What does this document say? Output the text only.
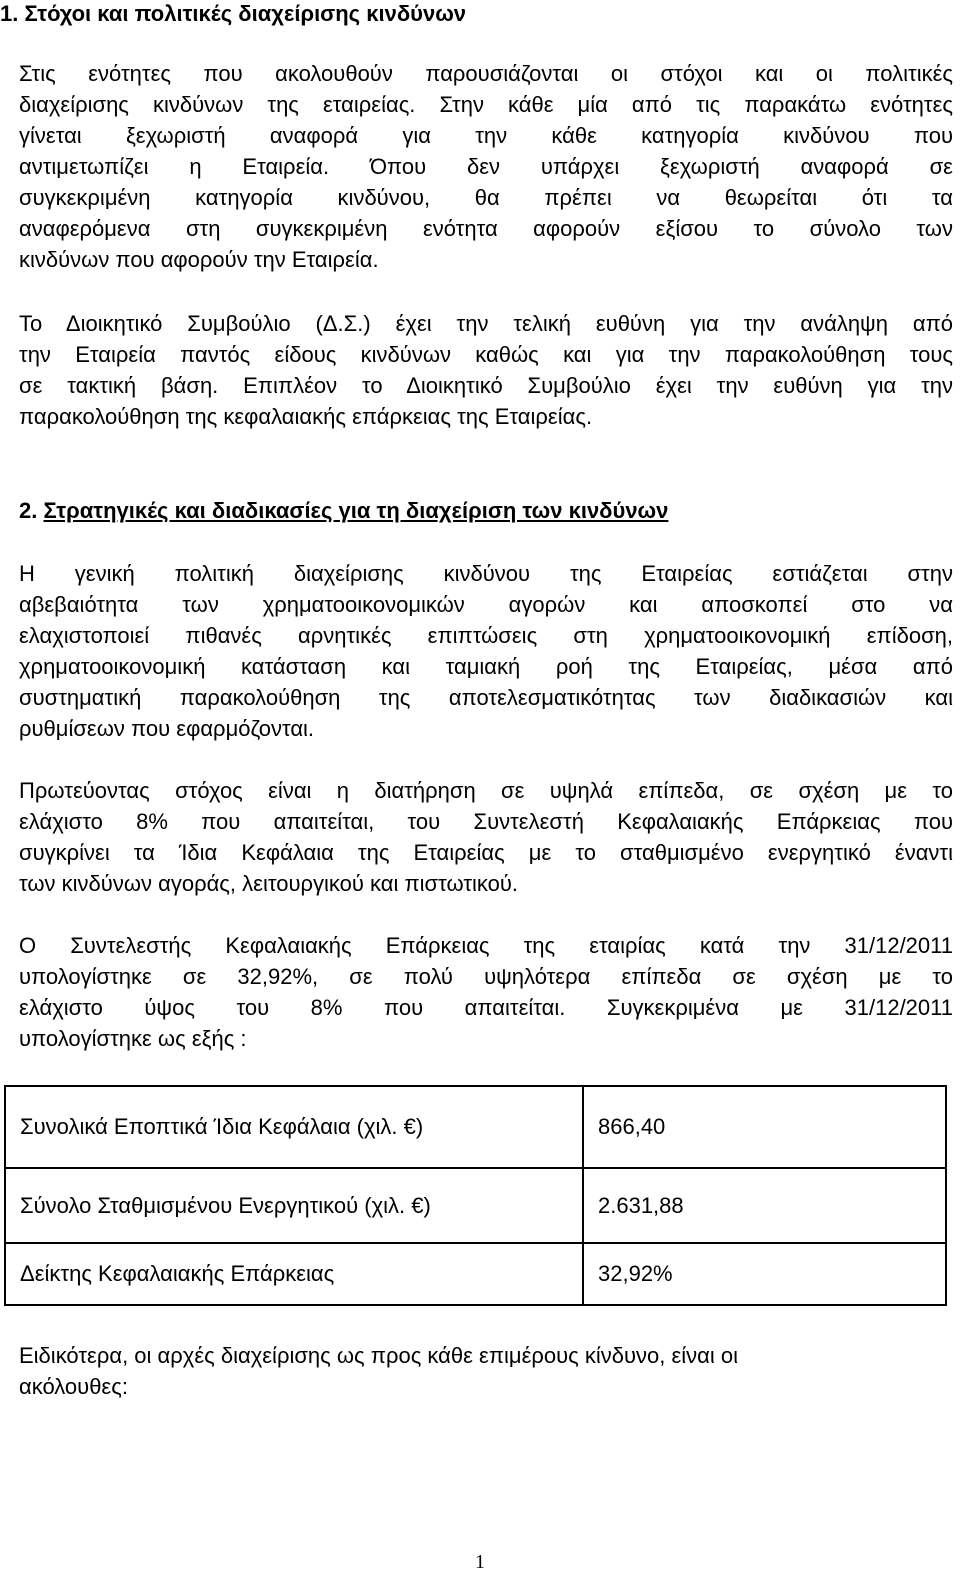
1. Στόχοι και πολιτικές διαχείρισης κινδύνων
Στις ενότητες που ακολουθούν παρουσιάζονται οι στόχοι και οι πολιτικές
διαχείρισης κινδύνων της εταιρείας. Στην κάθε μία από τις παρακάτω ενότητες
γίνεται ξεχωριστή αναφορά για την κάθε κατηγορία κινδύνου που
αντιμετωπίζει η Εταιρεία. Όπου δεν υπάρχει ξεχωριστή αναφορά σε
συγκεκριμένη κατηγορία κινδύνου, θα πρέπει να θεωρείται ότι τα
αναφερόμενα στη συγκεκριμένη ενότητα αφορούν εξίσου το σύνολο των
κινδύνων που αφορούν την Εταιρεία.
Το Διοικητικό Συμβούλιο (Δ.Σ.) έχει την τελική ευθύνη για την ανάληψη από
την Εταιρεία παντός είδους κινδύνων καθώς και για την παρακολούθηση τους
σε τακτική βάση. Επιπλέον το Διοικητικό Συμβούλιο έχει την ευθύνη για την
παρακολούθηση της κεφαλαιακής επάρκειας της Εταιρείας.
2. Στρατηγικές και διαδικασίες για τη διαχείριση των κινδύνων
Η γενική πολιτική διαχείρισης κινδύνου της Εταιρείας εστιάζεται στην
αβεβαιότητα των χρηματοοικονομικών αγορών και αποσκοπεί στο να
ελαχιστοποιεί πιθανές αρνητικές επιπτώσεις στη χρηματοοικονομική επίδοση,
χρηματοοικονομική κατάσταση και ταμιακή ροή της Εταιρείας, μέσα από
συστηματική παρακολούθηση της αποτελεσματικότητας των διαδικασιών και
ρυθμίσεων που εφαρμόζονται.
Πρωτεύοντας στόχος είναι η διατήρηση σε υψηλά επίπεδα, σε σχέση με το
ελάχιστο 8% που απαιτείται, του Συντελεστή Κεφαλαιακής Επάρκειας που
συγκρίνει τα Ίδια Κεφάλαια της Εταιρείας με το σταθμισμένο ενεργητικό έναντι
των κινδύνων αγοράς, λειτουργικού και πιστωτικού.
Ο Συντελεστής Κεφαλαιακής Επάρκειας της εταιρίας κατά την 31/12/2011
υπολογίστηκε σε 32,92%, σε πολύ υψηλότερα επίπεδα σε σχέση με το
ελάχιστο ύψος του 8% που απαιτείται. Συγκεκριμένα με 31/12/2011
υπολογίστηκε ως εξής :
Συνολικά Εποπτικά Ίδια Κεφάλαια (χιλ. €)	866,40
Σύνολο Σταθμισμένου Ενεργητικού (χιλ. €)	2.631,88
Δείκτης Κεφαλαιακής Επάρκειας	32,92%
Ειδικότερα, οι αρχές διαχείρισης ως προς κάθε επιμέρους κίνδυνο, είναι οι
ακόλουθες:
1
